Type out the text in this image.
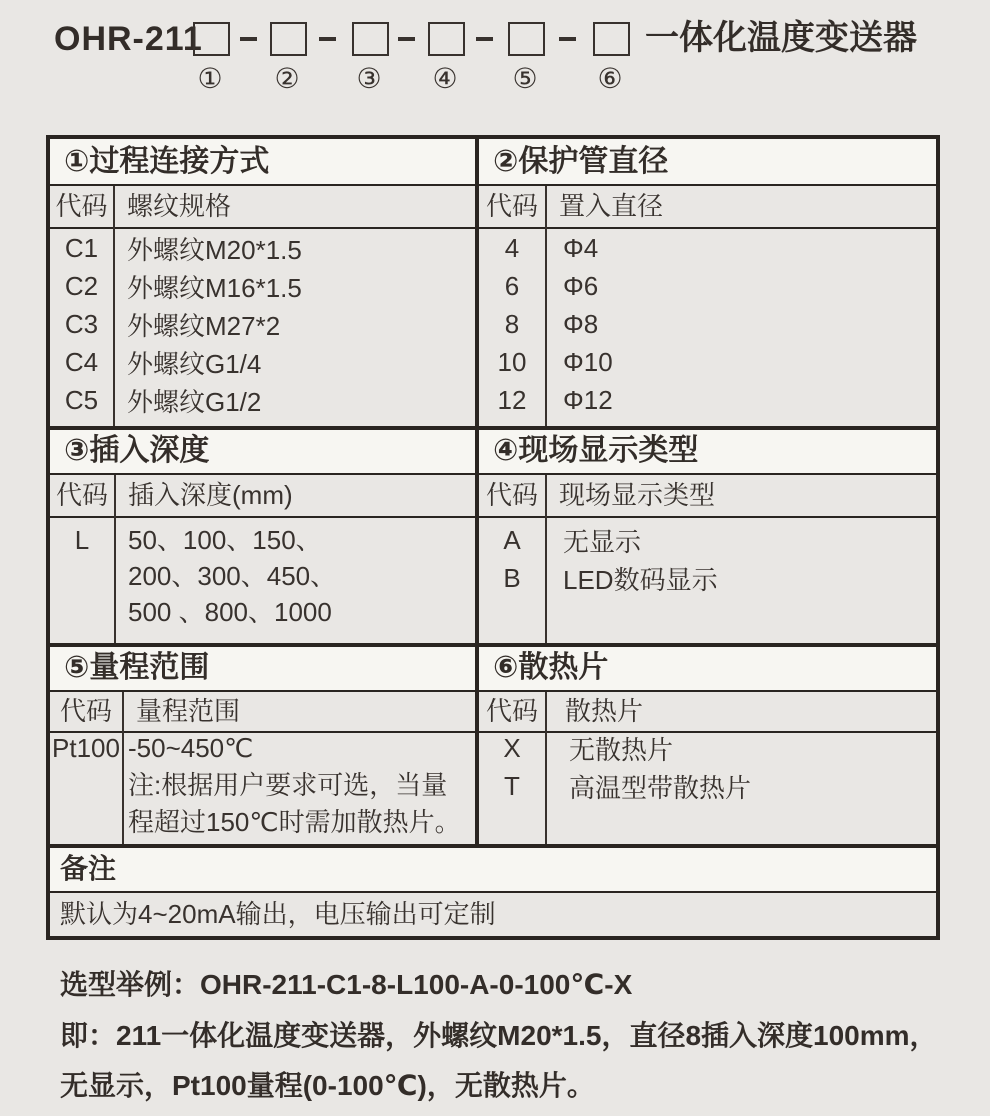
OHR-211	一体化温度变送器
① ② ③ ④ ⑤ ⑥
①过程连接方式
代码 螺纹规格
C1	外螺纹M20*1.5
C2	外螺纹M16*1.5
C3	外螺纹M27*2
C4	外螺纹G1/4
C5	外螺纹G1/2
②保护管直径
代码 置入直径
4	Φ4
6	Φ6
8	Φ8
10	Φ10
12	Φ12
③插入深度
代码 插入深度(mm)
L	50、100、150、
200、300、450、
500 、800、1000
④现场显示类型
代码 现场显示类型
A	无显示
B	LED数码显示
⑤量程范围
代码 量程范围
Pt100 -50~450℃
注:根据用户要求可选，当量
程超过150℃时需加散热片。
⑥散热片
代码 散热片
X	无散热片
T	高温型带散热片
备注
默认为4~20mA输出，电压输出可定制
选型举例：OHR-211-C1-8-L100-A-0-100℃-X
即：211一体化温度变送器，外螺纹M20*1.5，直径8插入深度100mm，无显示，Pt100量程(0-100℃)，无散热片。
